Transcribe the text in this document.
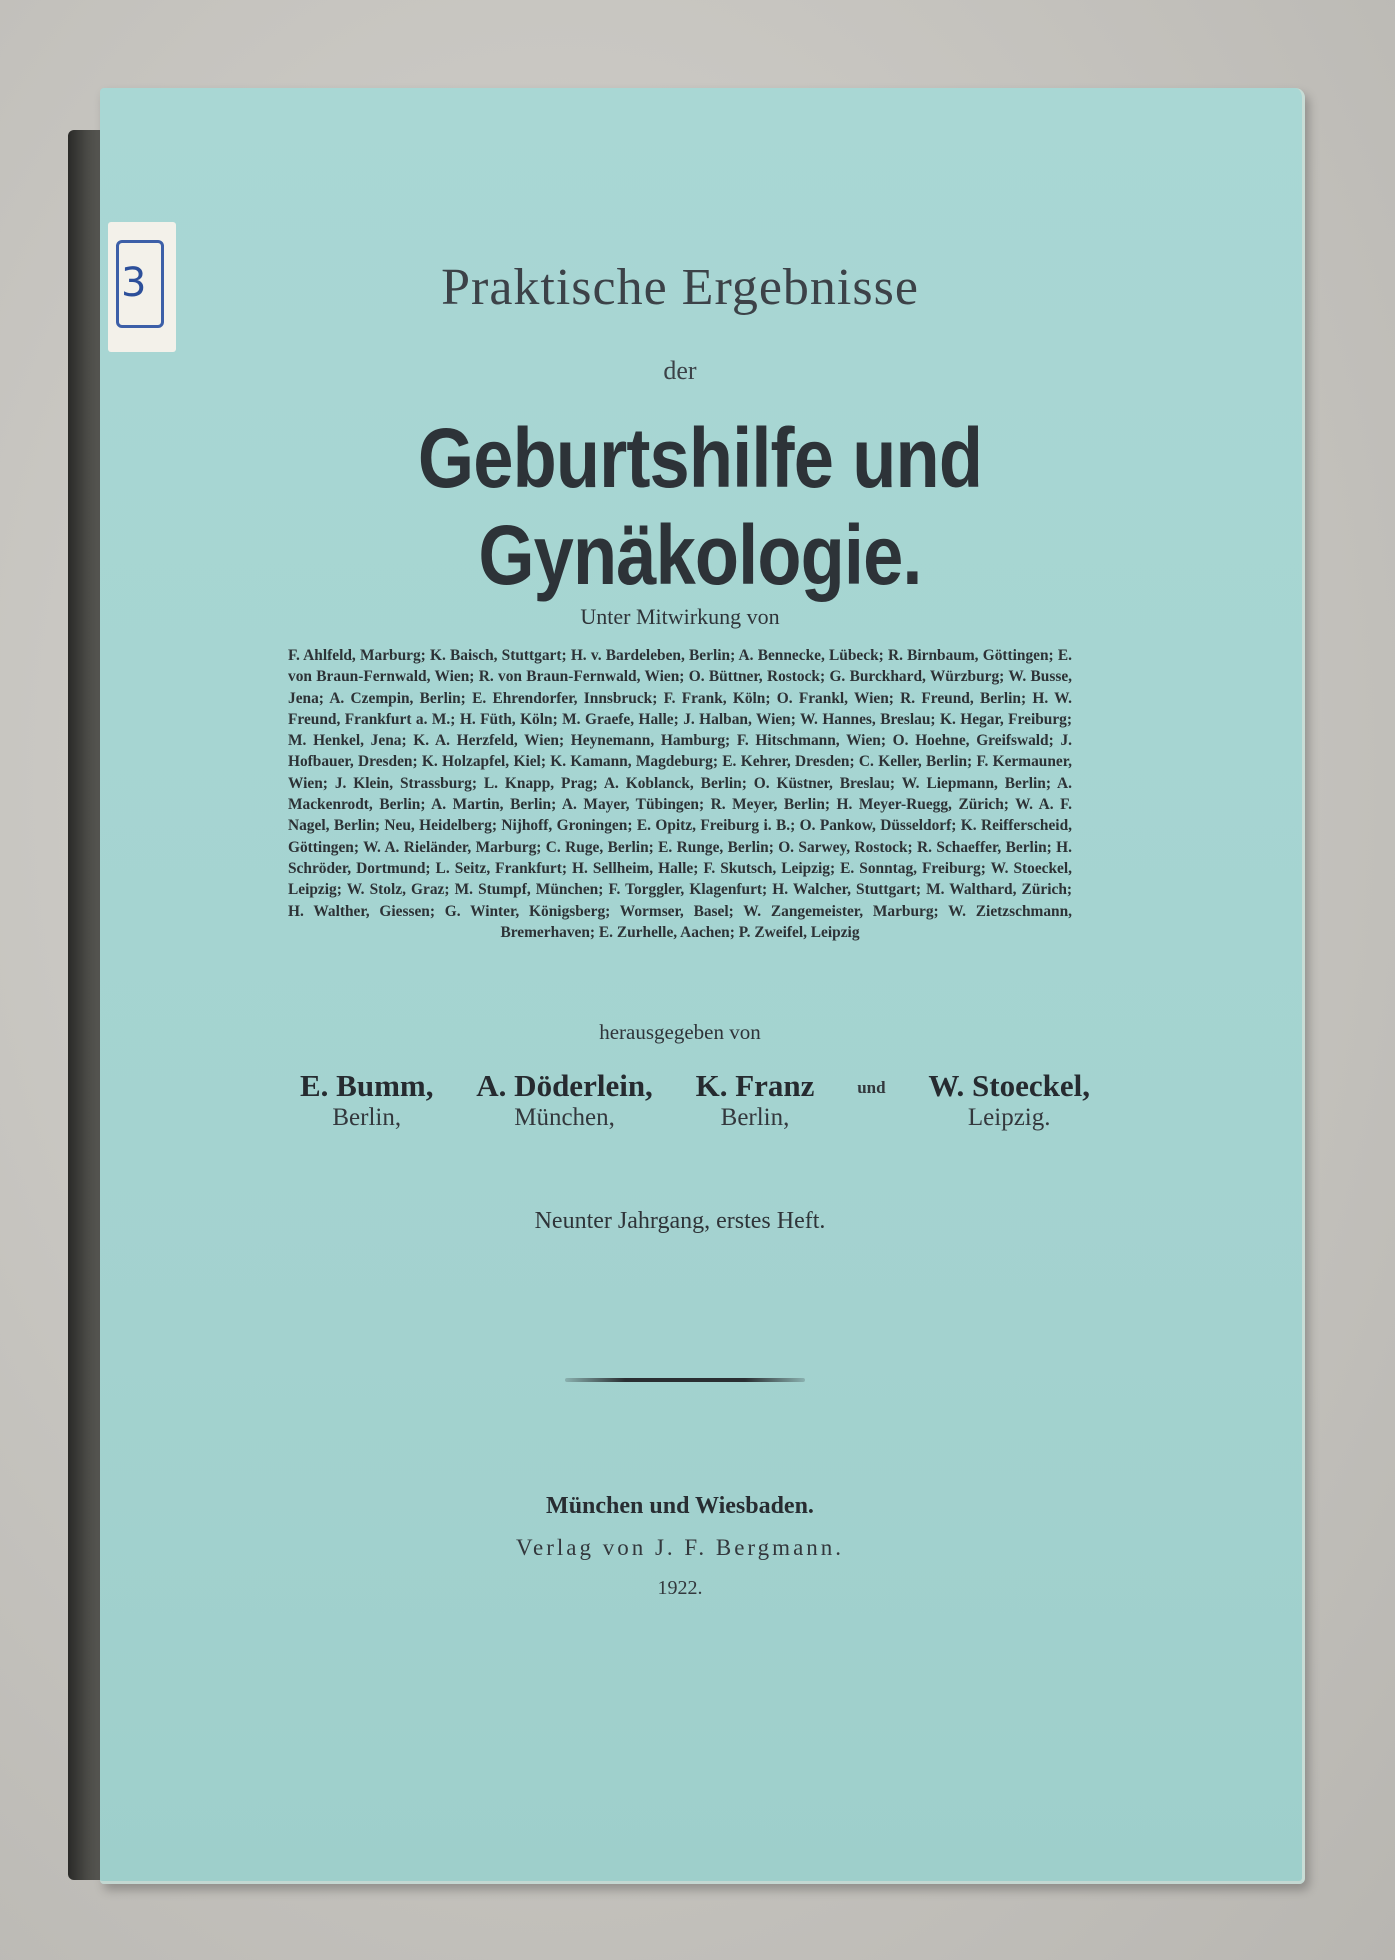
3	Praktische Ergebnisse
der
Geburtshilfe und Gynäkologie.
Unter Mitwirkung von
F. Ahlfeld, Marburg; K. Baisch, Stuttgart; H. v. Bardeleben, Berlin; A. Bennecke, Lübeck; R. Birnbaum, Göttingen; E. von Braun-Fernwald, Wien; R. von Braun-Fernwald, Wien; O. Büttner, Rostock; G. Burckhard, Würzburg; W. Busse, Jena; A. Czempin, Berlin; E. Ehrendorfer, Innsbruck; F. Frank, Köln; O. Frankl, Wien; R. Freund, Berlin; H. W. Freund, Frankfurt a. M.; H. Füth, Köln; M. Graefe, Halle; J. Halban, Wien; W. Hannes, Breslau; K. Hegar, Freiburg; M. Henkel, Jena; K. A. Herzfeld, Wien; Heynemann, Hamburg; F. Hitschmann, Wien; O. Hoehne, Greifswald; J. Hofbauer, Dresden; K. Holzapfel, Kiel; K. Kamann, Magdeburg; E. Kehrer, Dresden; C. Keller, Berlin; F. Kermauner, Wien; J. Klein, Strassburg; L. Knapp, Prag; A. Koblanck, Berlin; O. Küstner, Breslau; W. Liepmann, Berlin; A. Mackenrodt, Berlin; A. Martin, Berlin; A. Mayer, Tübingen; R. Meyer, Berlin; H. Meyer-Ruegg, Zürich; W. A. F. Nagel, Berlin; Neu, Heidelberg; Nijhoff, Groningen; E. Opitz, Freiburg i. B.; O. Pankow, Düsseldorf; K. Reifferscheid, Göttingen; W. A. Rieländer, Marburg; C. Ruge, Berlin; E. Runge, Berlin; O. Sarwey, Rostock; R. Schaeffer, Berlin; H. Schröder, Dortmund; L. Seitz, Frankfurt; H. Sellheim, Halle; F. Skutsch, Leipzig; E. Sonntag, Freiburg; W. Stoeckel, Leipzig; W. Stolz, Graz; M. Stumpf, München; F. Torggler, Klagenfurt; H. Walcher, Stuttgart; M. Walthard, Zürich; H. Walther, Giessen; G. Winter, Königsberg; Wormser, Basel; W. Zangemeister, Marburg; W. Zietzschmann, Bremerhaven; E. Zurhelle, Aachen; P. Zweifel, Leipzig
herausgegeben von
E. Bumm,
Berlin,
A. Döderlein,
München,
K. Franz
Berlin,
und W. Stoeckel,
Leipzig.
Neunter Jahrgang, erstes Heft.
München und Wiesbaden.
Verlag von J. F. Bergmann.
1922.
